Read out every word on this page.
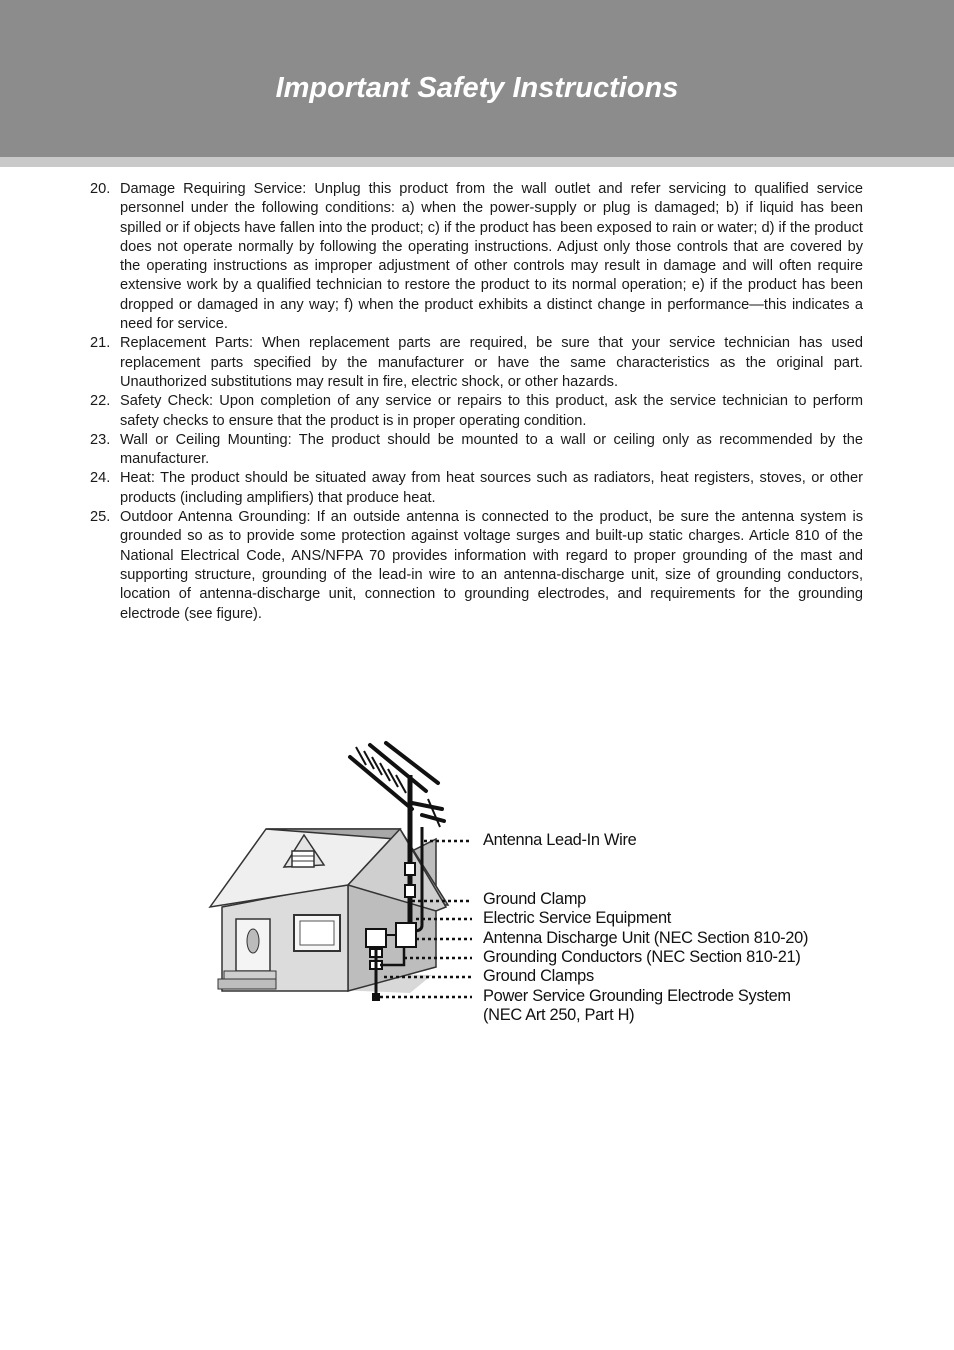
Important Safety Instructions
20. Damage Requiring Service: Unplug this product from the wall outlet and refer servicing to qualified service personnel under the following conditions: a) when the power-supply or plug is damaged; b) if liquid has been spilled or if objects have fallen into the product; c) if the product has been exposed to rain or water; d) if the product does not operate normally by following the operating instructions. Adjust only those controls that are covered by the operating instructions as improper adjustment of other controls may result in damage and will often require extensive work by a qualified technician to restore the product to its normal operation; e) if the product has been dropped or damaged in any way; f) when the product exhibits a distinct change in performance—this indicates a need for service.
21. Replacement Parts: When replacement parts are required, be sure that your service technician has used replacement parts specified by the manufacturer or have the same characteristics as the original part. Unauthorized substitutions may result in fire, electric shock, or other hazards.
22. Safety Check: Upon completion of any service or repairs to this product, ask the service technician to perform safety checks to ensure that the product is in proper operating condition.
23. Wall or Ceiling Mounting: The product should be mounted to a wall or ceiling only as recommended by the manufacturer.
24. Heat: The product should be situated away from heat sources such as radiators, heat registers, stoves, or other products (including amplifiers) that produce heat.
25. Outdoor Antenna Grounding: If an outside antenna is connected to the product, be sure the antenna system is grounded so as to provide some protection against voltage surges and built-up static charges. Article 810 of the National Electrical Code, ANS/NFPA 70 provides information with regard to proper grounding of the mast and supporting structure, grounding of the lead-in wire to an antenna-discharge unit, size of grounding conductors, location of antenna-discharge unit, connection to grounding electrodes, and requirements for the grounding electrode (see figure).
Antenna Lead-In Wire
Ground Clamp
Electric Service Equipment
Antenna Discharge Unit (NEC Section 810-20)
Grounding Conductors (NEC Section 810-21)
Ground Clamps
Power Service Grounding Electrode System
(NEC Art 250, Part H)
